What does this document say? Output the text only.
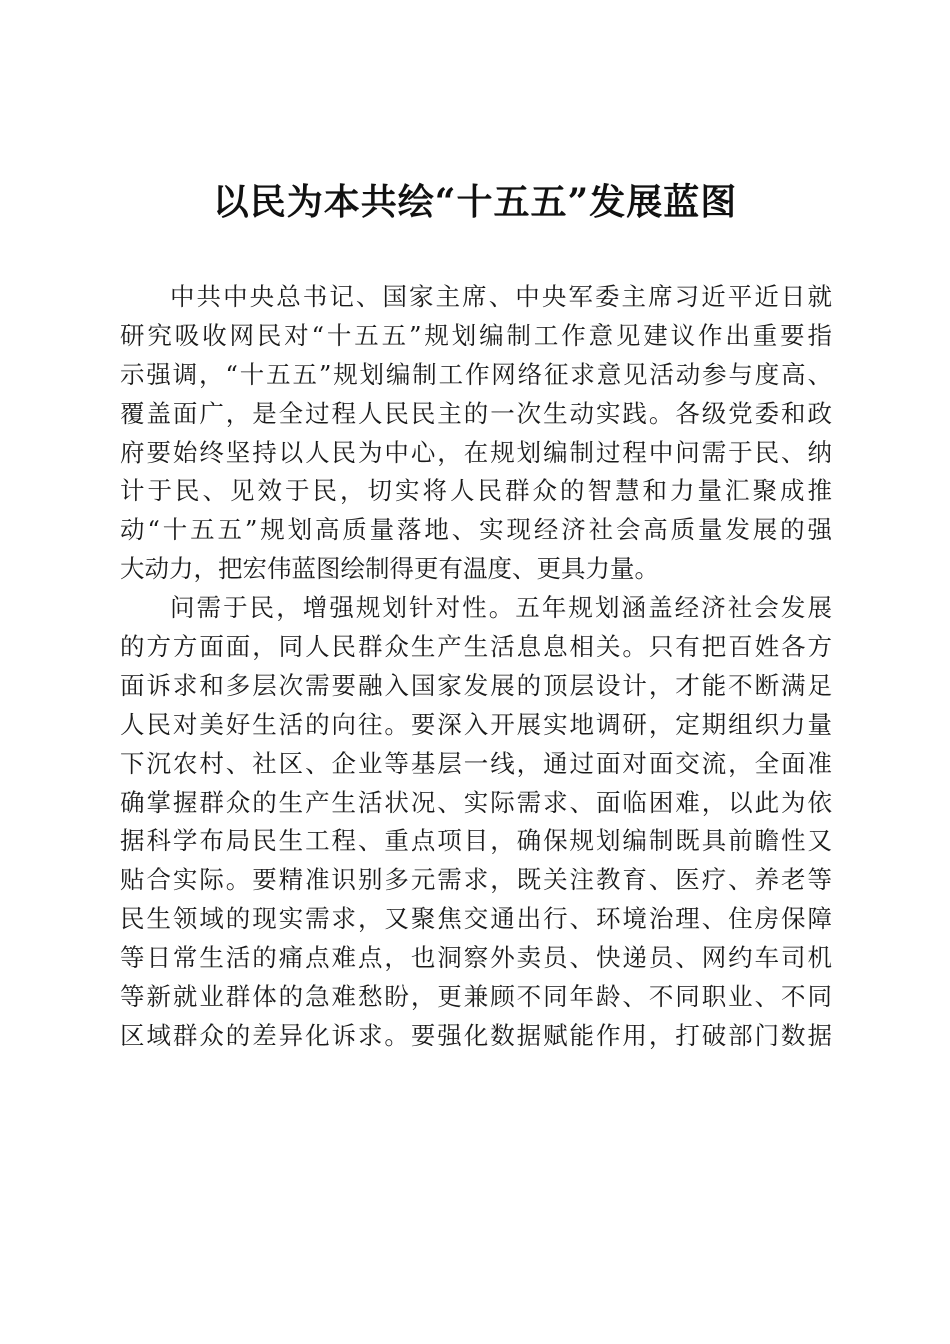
以民为本共绘“十五五”发展蓝图
中共中央总书记、国家主席、中央军委主席习近平近日就
研究吸收网民对“十五五”规划编制工作意见建议作出重要指
示强调，“十五五”规划编制工作网络征求意见活动参与度高、
覆盖面广，是全过程人民民主的一次生动实践。各级党委和政
府要始终坚持以人民为中心，在规划编制过程中问需于民、纳
计于民、见效于民，切实将人民群众的智慧和力量汇聚成推
动“十五五”规划高质量落地、实现经济社会高质量发展的强
大动力，把宏伟蓝图绘制得更有温度、更具力量。
问需于民，增强规划针对性。五年规划涵盖经济社会发展
的方方面面，同人民群众生产生活息息相关。只有把百姓各方
面诉求和多层次需要融入国家发展的顶层设计，才能不断满足
人民对美好生活的向往。要深入开展实地调研，定期组织力量
下沉农村、社区、企业等基层一线，通过面对面交流，全面准
确掌握群众的生产生活状况、实际需求、面临困难，以此为依
据科学布局民生工程、重点项目，确保规划编制既具前瞻性又
贴合实际。要精准识别多元需求，既关注教育、医疗、养老等
民生领域的现实需求，又聚焦交通出行、环境治理、住房保障
等日常生活的痛点难点，也洞察外卖员、快递员、网约车司机
等新就业群体的急难愁盼，更兼顾不同年龄、不同职业、不同
区域群众的差异化诉求。要强化数据赋能作用，打破部门数据
